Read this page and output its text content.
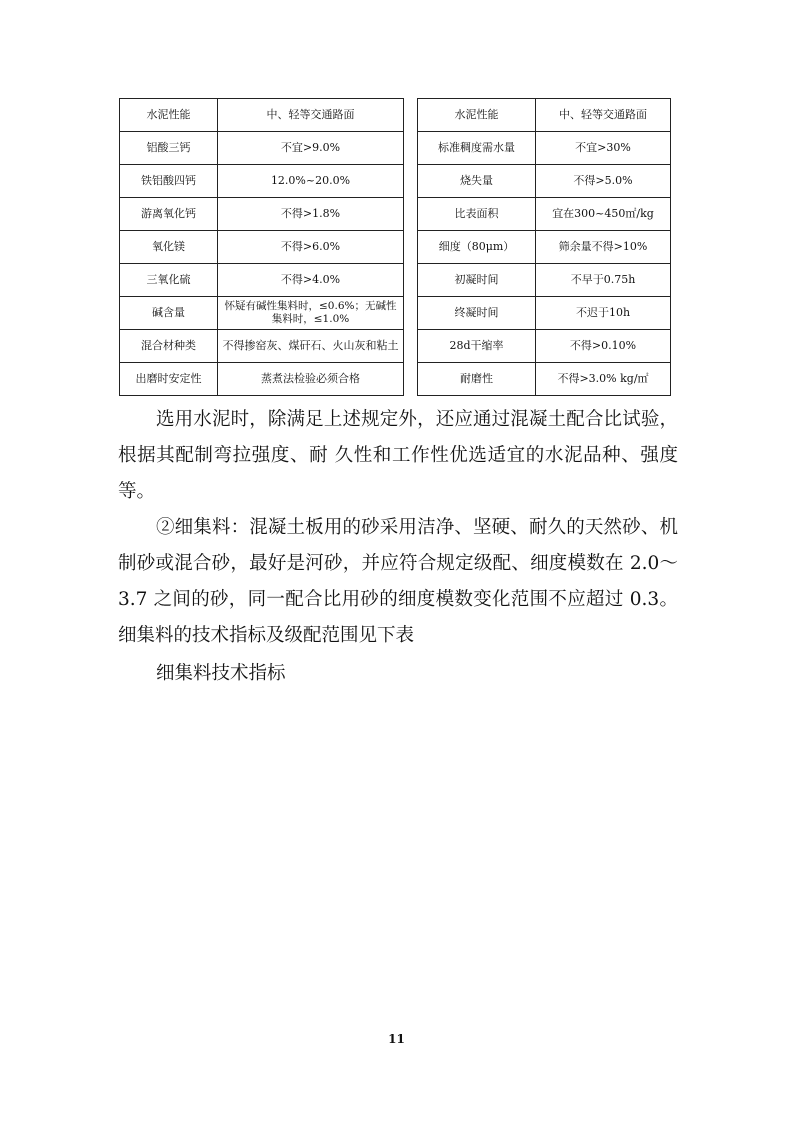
水泥性能	中、轻等交通路面		水泥性能	中、轻等交通路面
铝酸三钙	不宜>9.0%		标准稠度需水量	不宜>30%
铁铝酸四钙	12.0%~20.0%		烧失量	不得>5.0%
游离氧化钙	不得>1.8%		比表面积	宜在300~450㎡/kg
氧化镁	不得>6.0%		细度（80μm）	筛余量不得>10%
三氧化硫	不得>4.0%		初凝时间	不早于0.75h
碱含量	怀疑有碱性集料时，≤0.6%；无碱性集料时，≤1.0%		终凝时间	不迟于10h
混合材种类	不得掺窑灰、煤矸石、火山灰和粘土		28d干缩率	不得>0.10%
出磨时安定性	蒸煮法检验必须合格		耐磨性	不得>3.0% kg/㎡

选用水泥时，除满足上述规定外，还应通过混凝土配合比试验，根据其配制弯拉强度、耐 久性和工作性优选适宜的水泥品种、强度等。

②细集料：混凝土板用的砂采用洁净、坚硬、耐久的天然砂、机制砂或混合砂，最好是河砂，并应符合规定级配、细度模数在 2.0～3.7 之间的砂，同一配合比用砂的细度模数变化范围不应超过 0.3。细集料的技术指标及级配范围见下表

细集料技术指标

11
